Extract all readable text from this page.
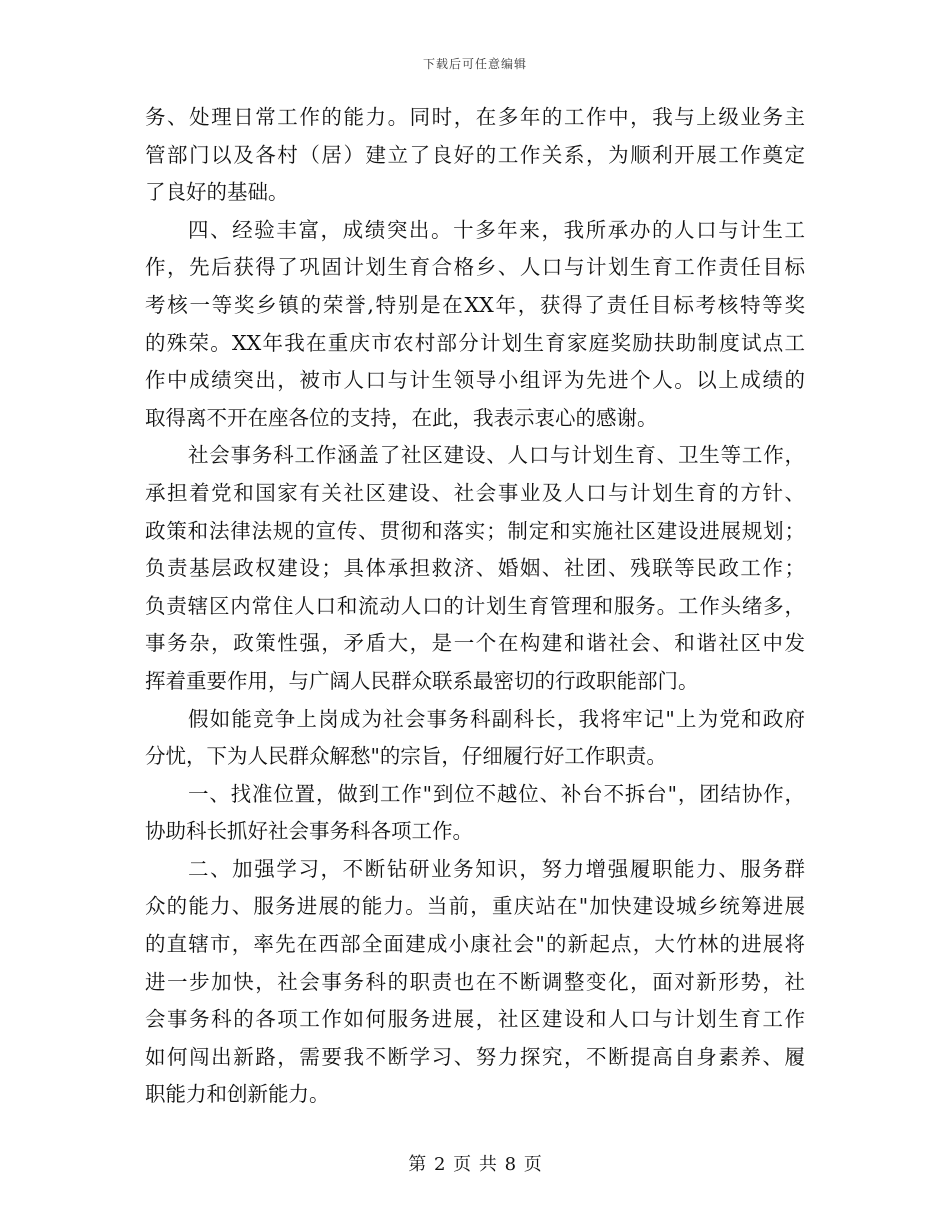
下载后可任意编辑
务、处理日常工作的能力。同时，在多年的工作中，我与上级业务主
管部门以及各村（居）建立了良好的工作关系，为顺利开展工作奠定
了良好的基础。
四、经验丰富，成绩突出。十多年来，我所承办的人口与计生工
作，先后获得了巩固计划生育合格乡、人口与计划生育工作责任目标
考核一等奖乡镇的荣誉,特别是在XX年，获得了责任目标考核特等奖
的殊荣。XX年我在重庆市农村部分计划生育家庭奖励扶助制度试点工
作中成绩突出，被市人口与计生领导小组评为先进个人。以上成绩的
取得离不开在座各位的支持，在此，我表示衷心的感谢。
社会事务科工作涵盖了社区建设、人口与计划生育、卫生等工作，
承担着党和国家有关社区建设、社会事业及人口与计划生育的方针、
政策和法律法规的宣传、贯彻和落实；制定和实施社区建设进展规划；
负责基层政权建设；具体承担救济、婚姻、社团、残联等民政工作；
负责辖区内常住人口和流动人口的计划生育管理和服务。工作头绪多，
事务杂，政策性强，矛盾大，是一个在构建和谐社会、和谐社区中发
挥着重要作用，与广阔人民群众联系最密切的行政职能部门。
假如能竞争上岗成为社会事务科副科长，我将牢记"上为党和政府
分忧，下为人民群众解愁"的宗旨，仔细履行好工作职责。
一、找准位置，做到工作"到位不越位、补台不拆台"，团结协作，
协助科长抓好社会事务科各项工作。
二、加强学习，不断钻研业务知识，努力增强履职能力、服务群
众的能力、服务进展的能力。当前，重庆站在"加快建设城乡统筹进展
的直辖市，率先在西部全面建成小康社会"的新起点，大竹林的进展将
进一步加快，社会事务科的职责也在不断调整变化，面对新形势，社
会事务科的各项工作如何服务进展，社区建设和人口与计划生育工作
如何闯出新路，需要我不断学习、努力探究，不断提高自身素养、履
职能力和创新能力。
第 2 页 共 8 页
